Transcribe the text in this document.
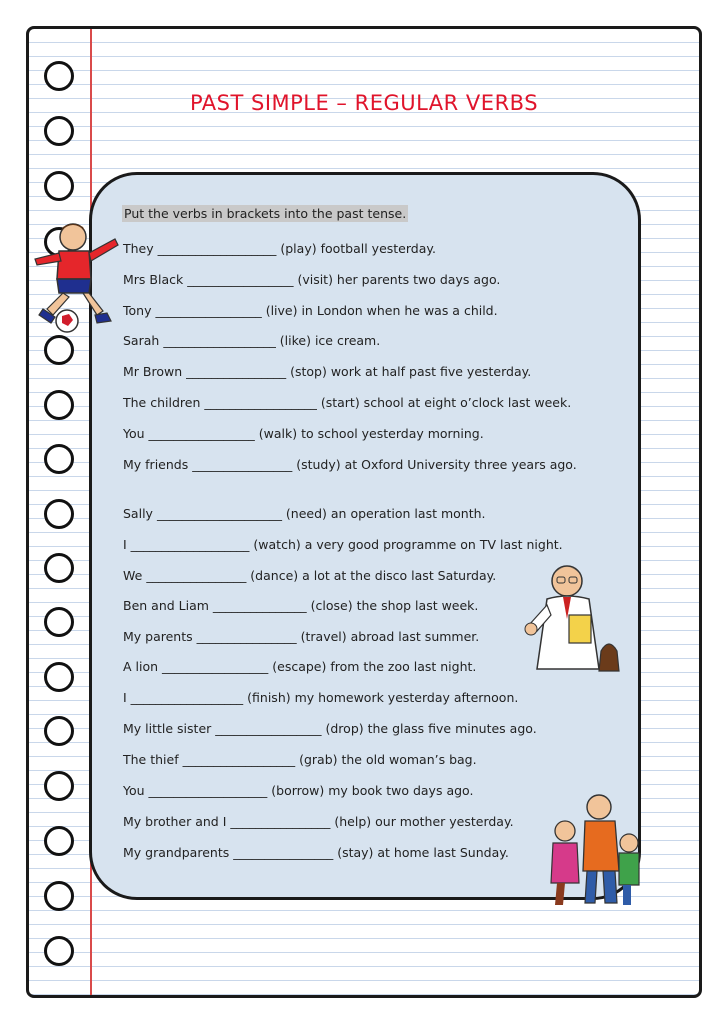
PAST SIMPLE – REGULAR VERBS
Put the verbs in brackets into the past tense.
They ___________________ (play) football yesterday.
Mrs Black _________________ (visit) her parents two days ago.
Tony _________________ (live) in London when he was a child.
Sarah __________________ (like) ice cream.
Mr Brown ________________ (stop) work at half past five yesterday.
The children __________________ (start) school at eight o’clock last week.
You _________________ (walk) to school yesterday morning.
My friends ________________ (study) at Oxford University three years ago.
Sally ____________________ (need) an operation last month.
I ___________________ (watch) a very good programme on TV last night.
We ________________ (dance) a lot at the disco last Saturday.
Ben and Liam _______________ (close) the shop last week.
My parents ________________ (travel) abroad last summer.
A lion _________________ (escape) from the zoo last night.
I __________________ (finish) my homework yesterday afternoon.
My little sister _________________ (drop) the glass five minutes ago.
The thief __________________ (grab) the old woman’s bag.
You ___________________ (borrow) my book two days ago.
My brother and I ________________ (help) our mother yesterday.
My grandparents ________________ (stay) at home last Sunday.
